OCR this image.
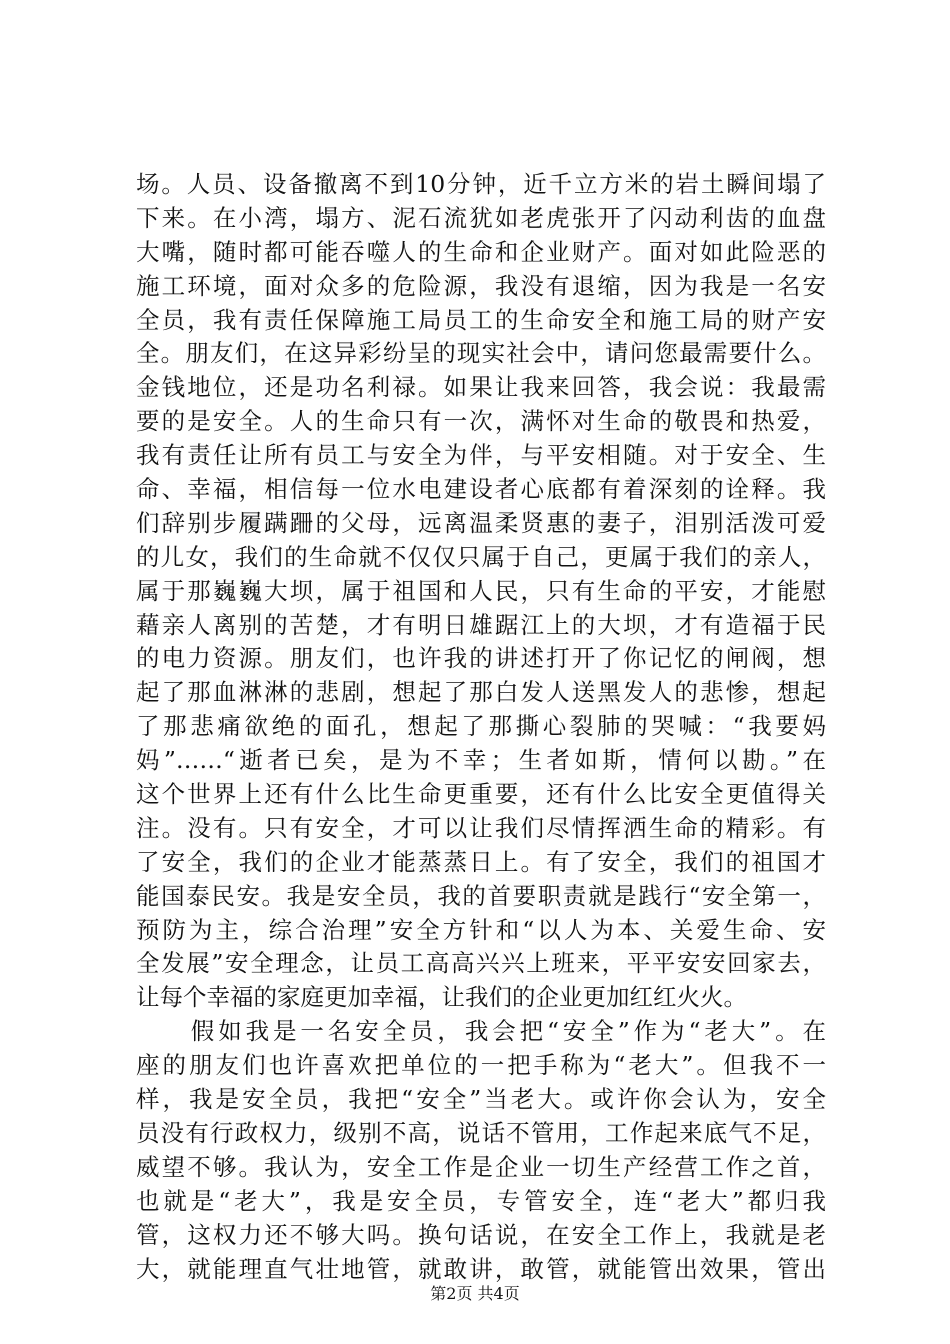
场。人员、设备撤离不到10分钟，近千立方米的岩土瞬间塌了
下来。在小湾，塌方、泥石流犹如老虎张开了闪动利齿的血盘
大嘴，随时都可能吞噬人的生命和企业财产。面对如此险恶的
施工环境，面对众多的危险源，我没有退缩，因为我是一名安
全员，我有责任保障施工局员工的生命安全和施工局的财产安
全。朋友们，在这异彩纷呈的现实社会中，请问您最需要什么。
金钱地位，还是功名利禄。如果让我来回答，我会说：我最需
要的是安全。人的生命只有一次，满怀对生命的敬畏和热爱，
我有责任让所有员工与安全为伴，与平安相随。对于安全、生
命、幸福，相信每一位水电建设者心底都有着深刻的诠释。我
们辞别步履蹒跚的父母，远离温柔贤惠的妻子，泪别活泼可爱
的儿女，我们的生命就不仅仅只属于自己，更属于我们的亲人，
属于那巍巍大坝，属于祖国和人民，只有生命的平安，才能慰
藉亲人离别的苦楚，才有明日雄踞江上的大坝，才有造福于民
的电力资源。朋友们，也许我的讲述打开了你记忆的闸阀，想
起了那血淋淋的悲剧，想起了那白发人送黑发人的悲惨，想起
了那悲痛欲绝的面孔，想起了那撕心裂肺的哭喊：“我要妈
妈”……“逝者已矣，是为不幸；生者如斯，情何以勘。”在
这个世界上还有什么比生命更重要，还有什么比安全更值得关
注。没有。只有安全，才可以让我们尽情挥洒生命的精彩。有
了安全，我们的企业才能蒸蒸日上。有了安全，我们的祖国才
能国泰民安。我是安全员，我的首要职责就是践行“安全第一，
预防为主，综合治理”安全方针和“以人为本、关爱生命、安
全发展”安全理念，让员工高高兴兴上班来，平平安安回家去，
让每个幸福的家庭更加幸福，让我们的企业更加红红火火。
　　假如我是一名安全员，我会把“安全”作为“老大”。在
座的朋友们也许喜欢把单位的一把手称为“老大”。但我不一
样，我是安全员，我把“安全”当老大。或许你会认为，安全
员没有行政权力，级别不高，说话不管用，工作起来底气不足，
威望不够。我认为，安全工作是企业一切生产经营工作之首，
也就是“老大”，我是安全员，专管安全，连“老大”都归我
管，这权力还不够大吗。换句话说，在安全工作上，我就是老
大，就能理直气壮地管，就敢讲，敢管，就能管出效果，管出
第2页 共4页
